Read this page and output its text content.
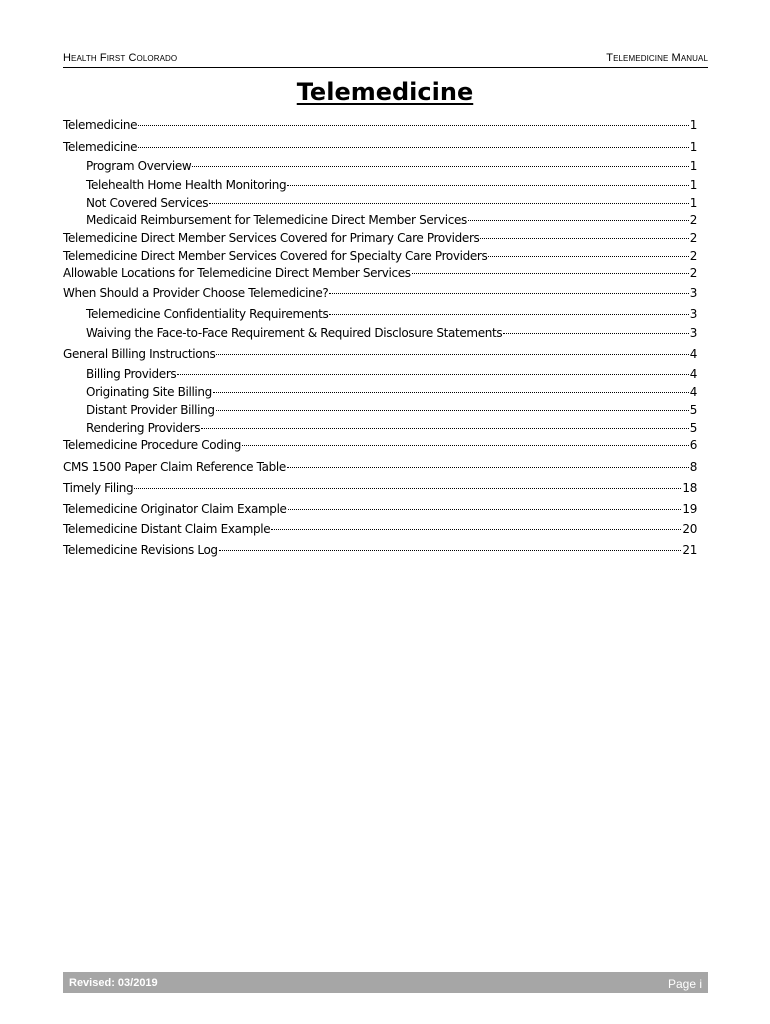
Health First Colorado	Telemedicine Manual
Telemedicine
Telemedicine	1
Telemedicine	1
Program Overview	1
Telehealth Home Health Monitoring	1
Not Covered Services	1
Medicaid Reimbursement for Telemedicine Direct Member Services	2
Telemedicine Direct Member Services Covered for Primary Care Providers	2
Telemedicine Direct Member Services Covered for Specialty Care Providers	2
Allowable Locations for Telemedicine Direct Member Services	2
When Should a Provider Choose Telemedicine?	3
Telemedicine Confidentiality Requirements	3
Waiving the Face-to-Face Requirement & Required Disclosure Statements	3
General Billing Instructions	4
Billing Providers	4
Originating Site Billing	4
Distant Provider Billing	5
Rendering Providers	5
Telemedicine Procedure Coding	6
CMS 1500 Paper Claim Reference Table	8
Timely Filing	18
Telemedicine Originator Claim Example	19
Telemedicine Distant Claim Example	20
Telemedicine Revisions Log	21
Revised: 03/2019	Page i
